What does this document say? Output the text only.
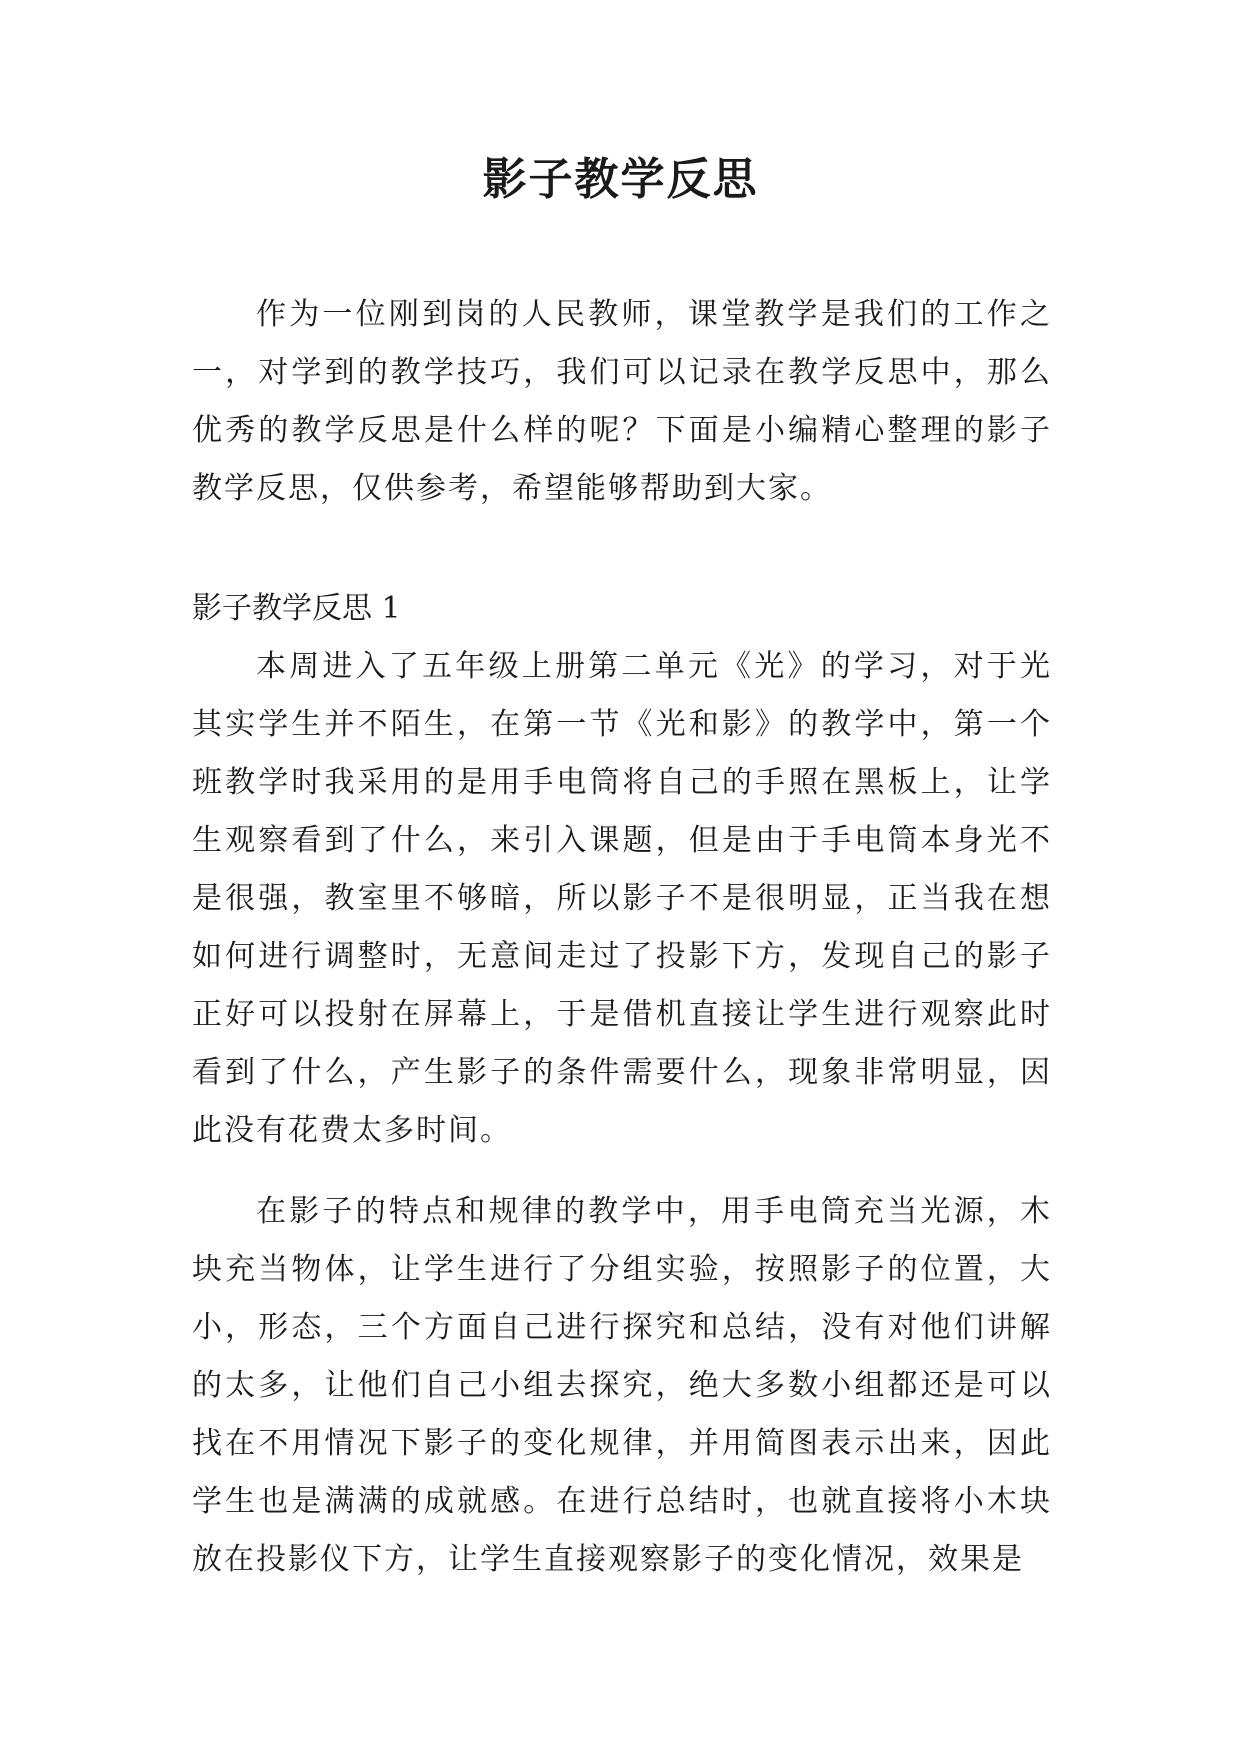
影子教学反思

作为一位刚到岗的人民教师，课堂教学是我们的工作之一，对学到的教学技巧，我们可以记录在教学反思中，那么优秀的教学反思是什么样的呢？下面是小编精心整理的影子教学反思，仅供参考，希望能够帮助到大家。

影子教学反思 1

本周进入了五年级上册第二单元《光》的学习，对于光其实学生并不陌生，在第一节《光和影》的教学中，第一个班教学时我采用的是用手电筒将自己的手照在黑板上，让学生观察看到了什么，来引入课题，但是由于手电筒本身光不是很强，教室里不够暗，所以影子不是很明显，正当我在想如何进行调整时，无意间走过了投影下方，发现自己的影子正好可以投射在屏幕上，于是借机直接让学生进行观察此时看到了什么，产生影子的条件需要什么，现象非常明显，因此没有花费太多时间。

在影子的特点和规律的教学中，用手电筒充当光源，木块充当物体，让学生进行了分组实验，按照影子的位置，大小，形态，三个方面自己进行探究和总结，没有对他们讲解的太多，让他们自己小组去探究，绝大多数小组都还是可以找在不用情况下影子的变化规律，并用简图表示出来，因此学生也是满满的成就感。在进行总结时，也就直接将小木块放在投影仪下方，让学生直接观察影子的变化情况，效果是
